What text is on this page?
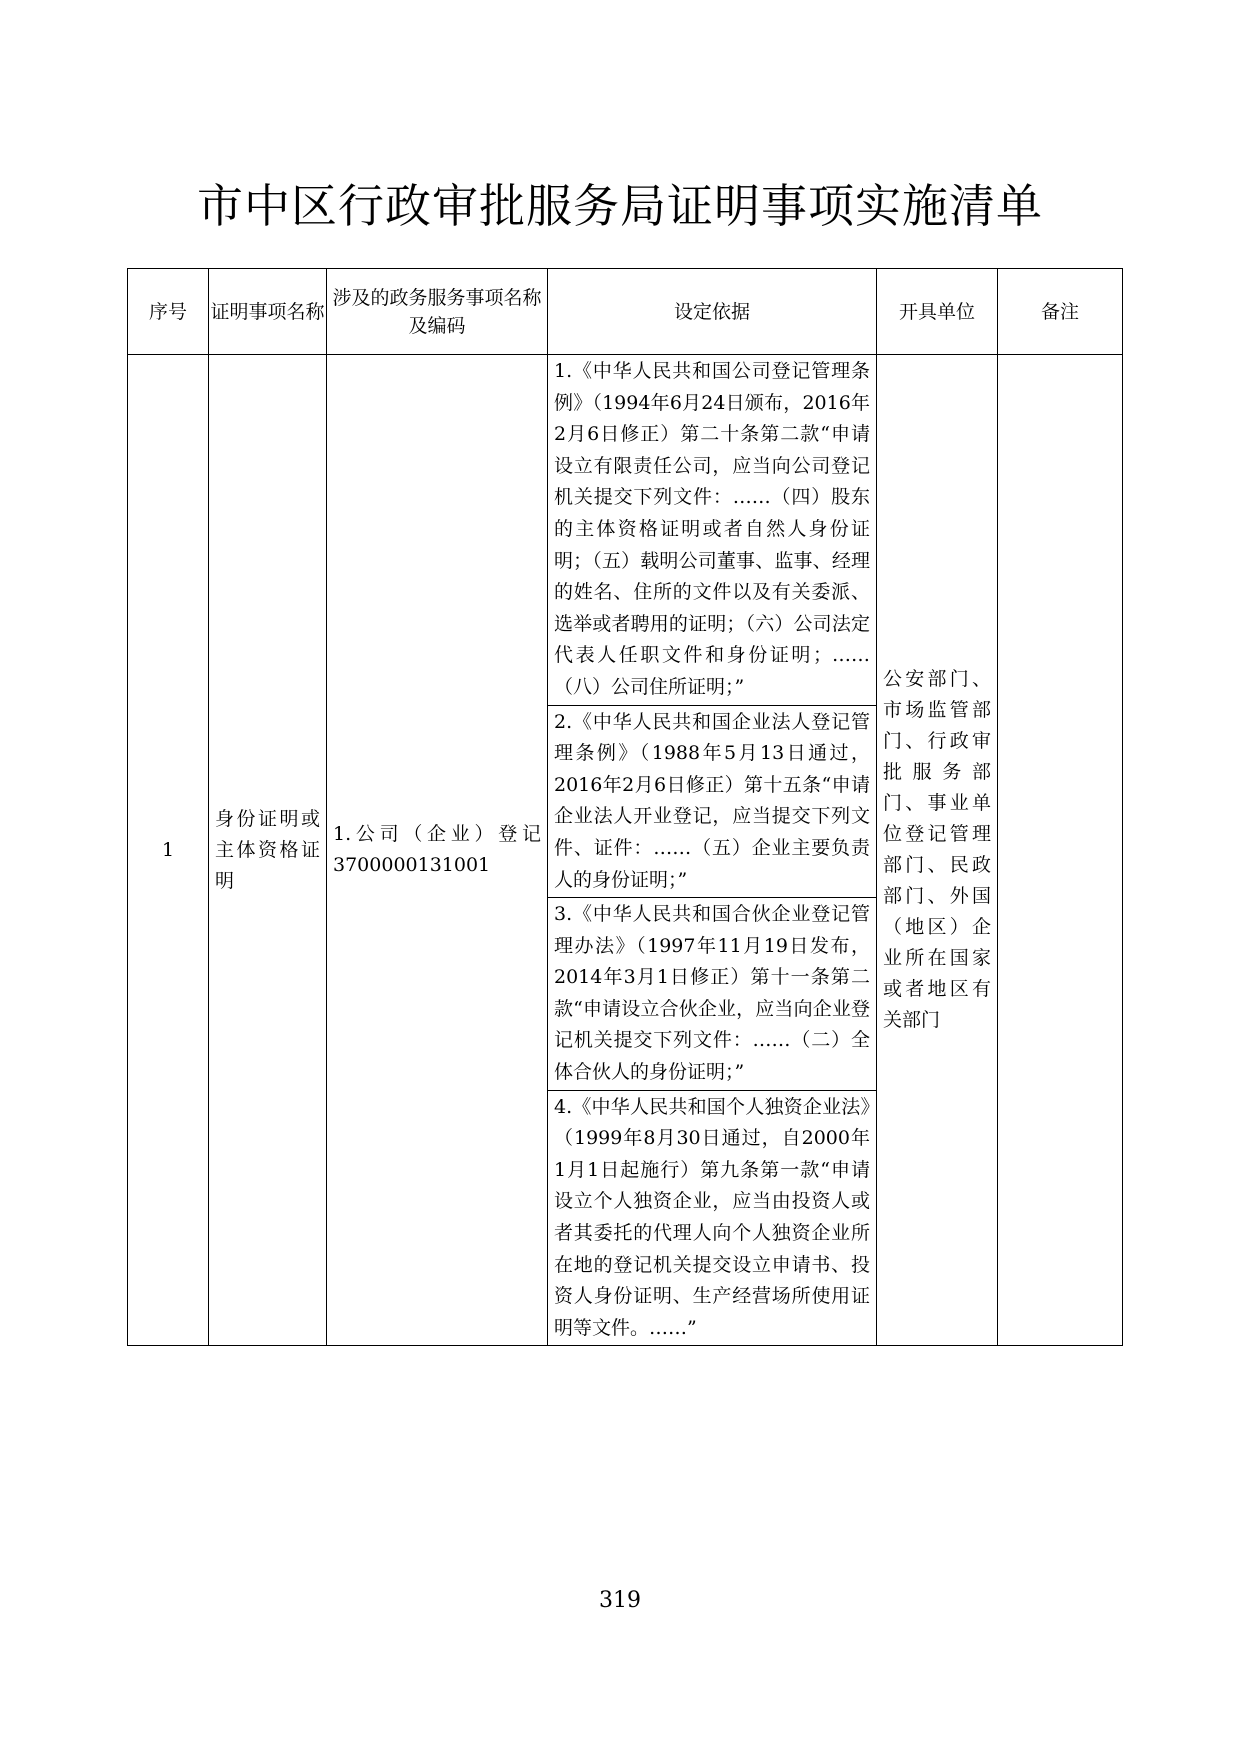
市中区行政审批服务局证明事项实施清单
序号	证明事项名称	涉及的政务服务事项名称及编码	设定依据	开具单位	备注
1	身份证明或主体资格证明	1.公司（企业）登记3700000131001	1.《中华人民共和国公司登记管理条例》（1994年6月24日颁布，2016年2月6日修正）第二十条第二款“申请设立有限责任公司，应当向公司登记机关提交下列文件：……（四）股东的主体资格证明或者自然人身份证明；（五）载明公司董事、监事、经理的姓名、住所的文件以及有关委派、选举或者聘用的证明；（六）公司法定代表人任职文件和身份证明；……（八）公司住所证明；”
2.《中华人民共和国企业法人登记管理条例》（1988年5月13日通过，2016年2月6日修正）第十五条“申请企业法人开业登记，应当提交下列文件、证件：……（五）企业主要负责人的身份证明；”
3.《中华人民共和国合伙企业登记管理办法》（1997年11月19日发布，2014年3月1日修正）第十一条第二款“申请设立合伙企业，应当向企业登记机关提交下列文件：……（二）全体合伙人的身份证明；”
4.《中华人民共和国个人独资企业法》（1999年8月30日通过，自2000年1月1日起施行）第九条第一款“申请设立个人独资企业，应当由投资人或者其委托的代理人向个人独资企业所在地的登记机关提交设立申请书、投资人身份证明、生产经营场所使用证明等文件。……”	公安部门、市场监管部门、行政审批服务部门、事业单位登记管理部门、民政部门、外国（地区）企业所在国家或者地区有关部门	
319
